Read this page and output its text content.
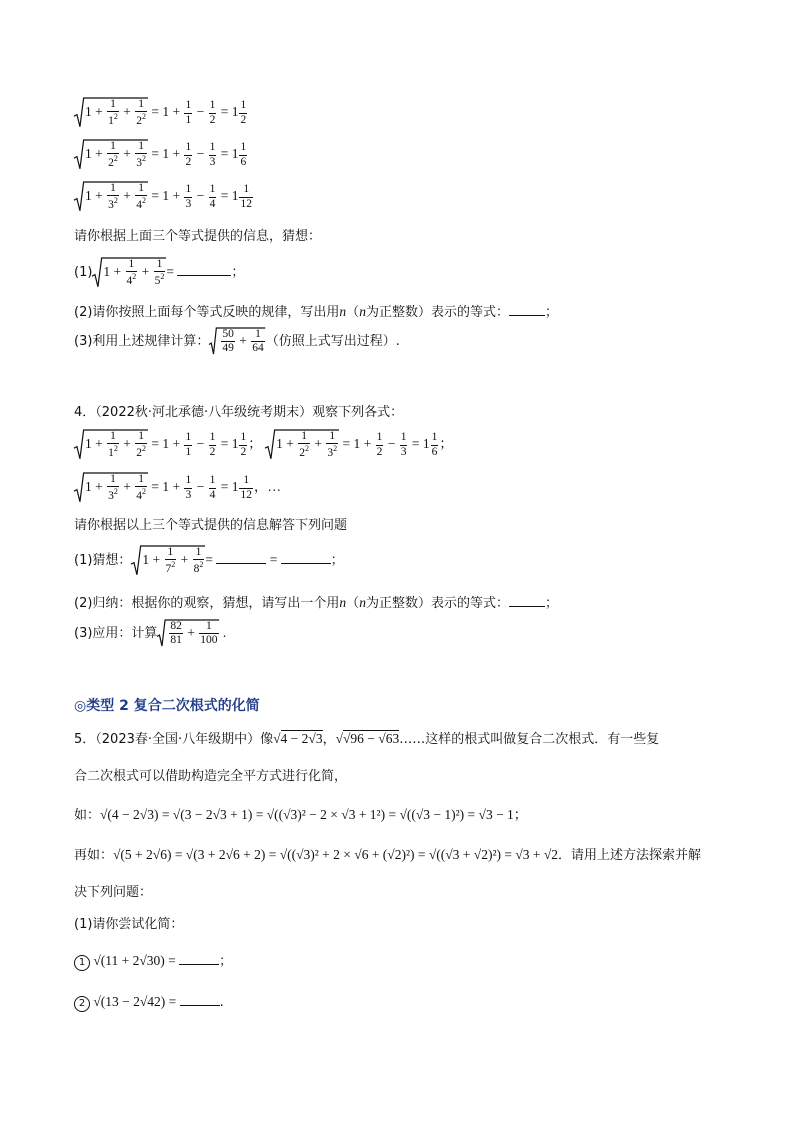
$1 + \frac{1}{1^2} + \frac{1}{2^2} = 1 + \frac{1}{1} - \frac{1}{2} = 1 \frac{1}{2}$
$1 + \frac{1}{2^2} + \frac{1}{3^2} = 1 + \frac{1}{2} - \frac{1}{3} = 1 \frac{1}{6}$
$1 + \frac{1}{3^2} + \frac{1}{4^2} = 1 + \frac{1}{3} - \frac{1}{4} = 1 \frac{1}{12}$
请你根据上面三个等式提供的信息，猜想：
(1)
$1 + \frac{1}{4^2} + \frac{1}{5^2}$ =	；
(2)请你按照上面每个等式反映的规律，写出用n（n为正整数）表示的等式：	；
(3)利用上述规律计算： $\frac{50}{49} + \frac{1}{64}$ （仿照上式写出过程）.
4．（2022秋·河北承德·八年级统考期末）观察下列各式：
$1 + \frac{1}{1^2} + \frac{1}{2^2} = 1 + \frac{1}{1} - \frac{1}{2} = 1 \frac{1}{2}$ ；
$1 + \frac{1}{2^2} + \frac{1}{3^2} = 1 + \frac{1}{2} - \frac{1}{3} = 1 \frac{1}{6}$ ；
$1 + \frac{1}{3^2} + \frac{1}{4^2} = 1 + \frac{1}{3} - \frac{1}{4} = 1 \frac{1}{12}$ ，…
请你根据以上三个等式提供的信息解答下列问题
(1)猜想：
$1 + \frac{1}{7^2} + \frac{1}{8^2}$ =	=	；
(2)归纳：根据你的观察，猜想，请写出一个用n（n为正整数）表示的等式：	；
(3)应用：计算 $\frac{82}{81} + \frac{1}{100}$ .
◎类型 2 复合二次根式的化简
5．（2023春·全国·八年级期中）像√4 − 2√3，√√96 − √63……这样的根式叫做复合二次根式．有一些复
合二次根式可以借助构造完全平方式进行化简，
如：√(4 − 2√3) = √(3 − 2√3 + 1) = √((√3)² − 2 × √3 + 1²) = √((√3 − 1)²) = √3 − 1；
再如：√(5 + 2√6) = √(3 + 2√6 + 2) = √((√3)² + 2 × √6 + (√2)²) = √((√3 + √2)²) = √3 + √2．请用上述方法探索并解
决下列问题：
(1)请你尝试化简：
1 √(11 + 2√30) =	；
2 √(13 − 2√42) =	.
